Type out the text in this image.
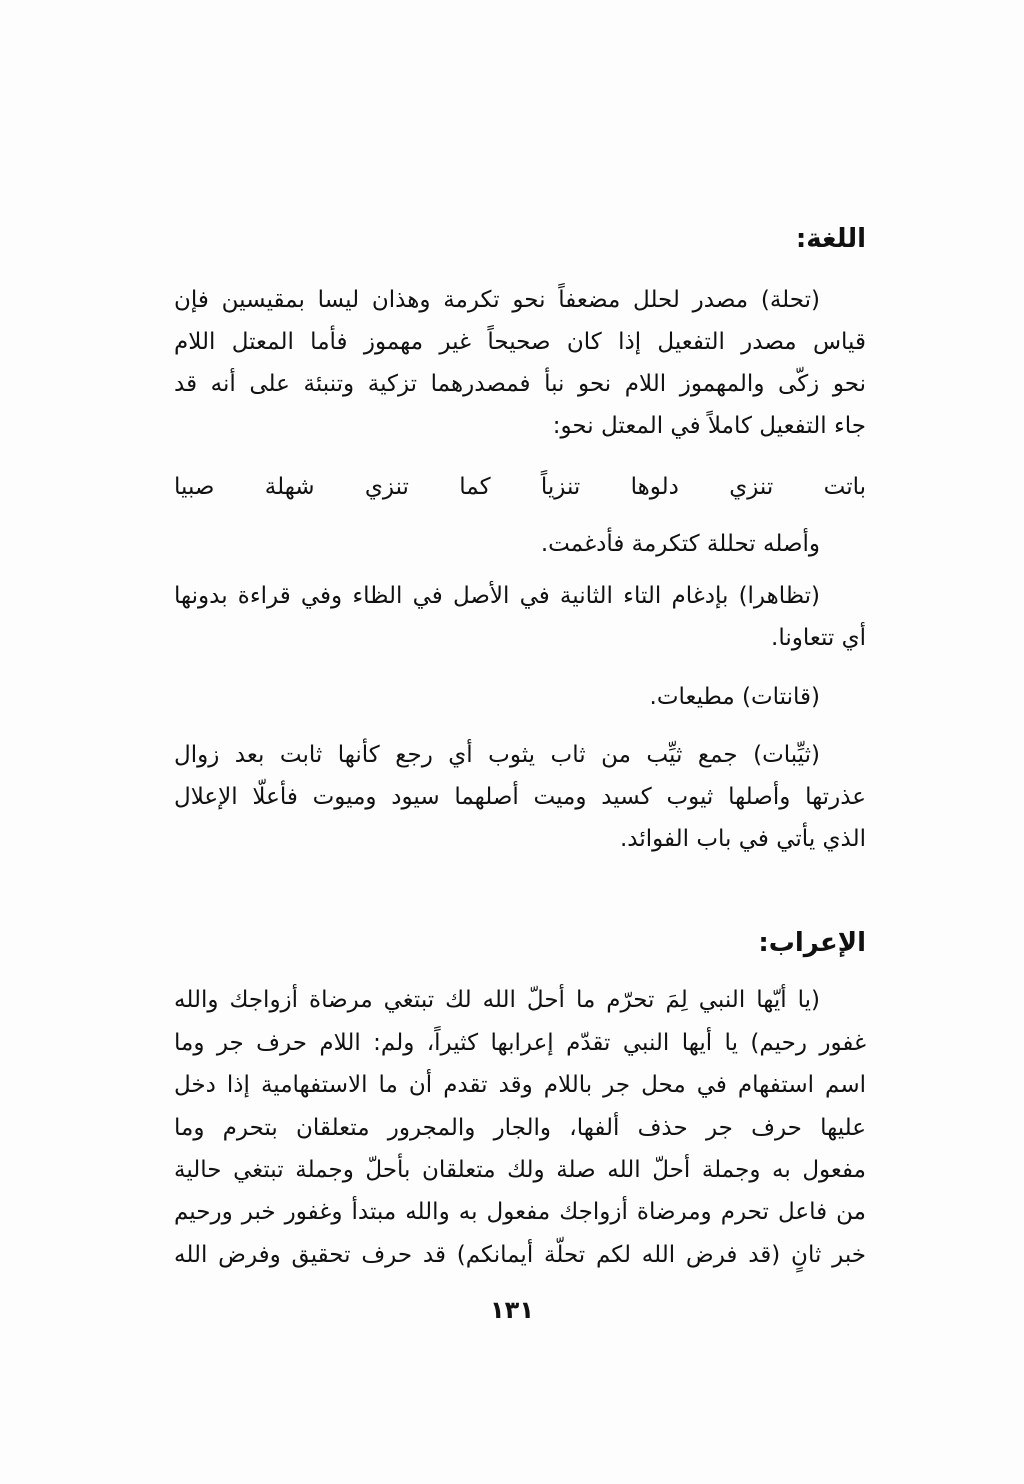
اللغة:
(تحلة) مصدر لحلل مضعفاً نحو تكرمة وهذان ليسا بمقيسين فإن
قياس مصدر التفعيل إذا كان صحيحاً غير مهموز فأما المعتل اللام
نحو زكّى والمهموز اللام نحو نبأ فمصدرهما تزكية وتنبئة على أنه قد
جاء التفعيل كاملاً في المعتل نحو:
باتت تنزي دلوها تنزياً كما تنزي شهلة صبيا
وأصله تحللة كتكرمة فأدغمت.
(تظاهرا) بإدغام التاء الثانية في الأصل في الظاء وفي قراءة بدونها
أي تتعاونا.
(قانتات) مطيعات.
(ثيِّبات) جمع ثيِّب من ثاب يثوب أي رجع كأنها ثابت بعد زوال
عذرتها وأصلها ثيوب كسيد وميت أصلهما سيود وميوت فأعلّا الإعلال
الذي يأتي في باب الفوائد.
الإعراب:
(يا أيّها النبي لِمَ تحرّم ما أحلّ الله لك تبتغي مرضاة أزواجك والله
غفور رحيم) يا أيها النبي تقدّم إعرابها كثيراً، ولم: اللام حرف جر وما
اسم استفهام في محل جر باللام وقد تقدم أن ما الاستفهامية إذا دخل
عليها حرف جر حذف ألفها، والجار والمجرور متعلقان بتحرم وما
مفعول به وجملة أحلّ الله صلة ولك متعلقان بأحلّ وجملة تبتغي حالية
من فاعل تحرم ومرضاة أزواجك مفعول به والله مبتدأ وغفور خبر ورحيم
خبر ثانٍ (قد فرض الله لكم تحلّة أيمانكم) قد حرف تحقيق وفرض الله
١٣١
